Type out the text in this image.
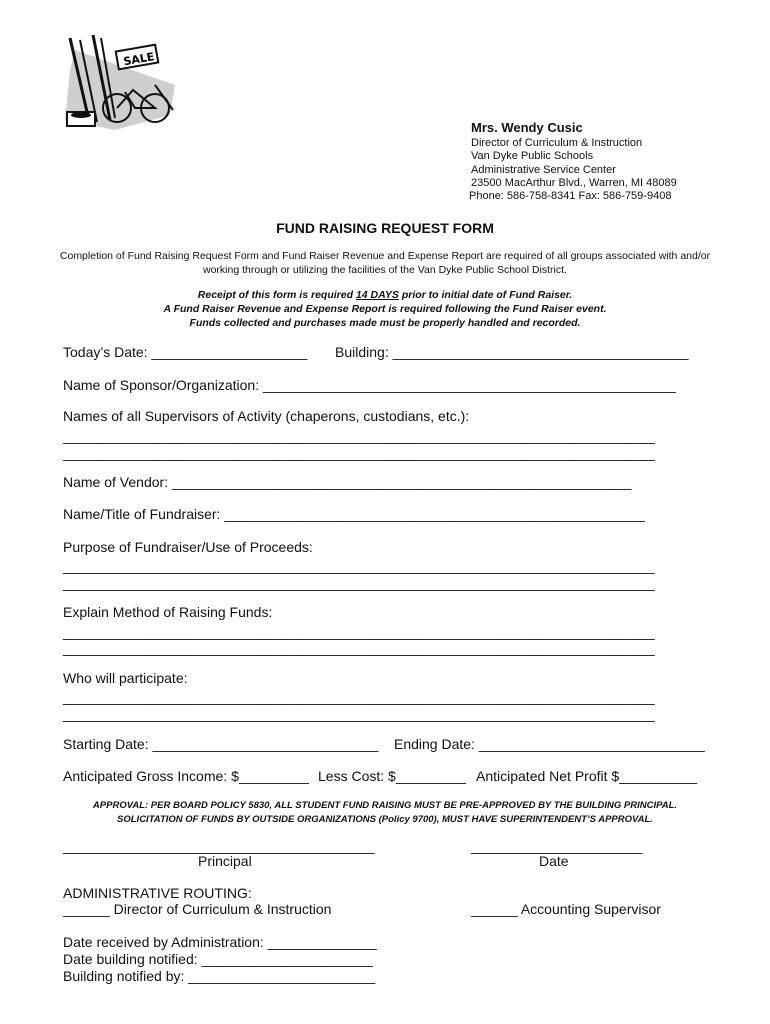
SALE
Mrs. Wendy Cusic
Director of Curriculum & Instruction
Van Dyke Public Schools
Administrative Service Center
23500 MacArthur Blvd., Warren, MI 48089
Phone: 586-758-8341 Fax: 586-759-9408
FUND RAISING REQUEST FORM
Completion of Fund Raising Request Form and Fund Raiser Revenue and Expense Report are required of all groups associated with and/or working through or utilizing the facilities of the Van Dyke Public School District.
Receipt of this form is required 14 DAYS prior to initial date of Fund Raiser.
A Fund Raiser Revenue and Expense Report is required following the Fund Raiser event.
Funds collected and purchases made must be properly handled and recorded.
Today’s Date: ____________________ Building: ______________________________________
Name of Sponsor/Organization: _____________________________________________________
Names of all Supervisors of Activity (chaperons, custodians, etc.):
_______________________________________________________________________________
_______________________________________________________________________________
Name of Vendor: ___________________________________________________________
Name/Title of Fundraiser: ______________________________________________________
Purpose of Fundraiser/Use of Proceeds:
_______________________________________________________________________________
_______________________________________________________________________________
Explain Method of Raising Funds:
_______________________________________________________________________________
_______________________________________________________________________________
Who will participate:
_______________________________________________________________________________
_______________________________________________________________________________
Starting Date: _____________________________ Ending Date: _____________________________
Anticipated Gross Income: $_________ Less Cost: $_________ Anticipated Net Profit $__________
APPROVAL: PER BOARD POLICY 5830, ALL STUDENT FUND RAISING MUST BE PRE-APPROVED BY THE BUILDING PRINCIPAL.
SOLICITATION OF FUNDS BY OUTSIDE ORGANIZATIONS (Policy 9700), MUST HAVE SUPERINTENDENT’S APPROVAL.
________________________________________
Principal
______________________
Date
ADMINISTRATIVE ROUTING:
______ Director of Curriculum & Instruction	______ Accounting Supervisor
Date received by Administration: ______________
Date building notified: ______________________
Building notified by: ________________________
